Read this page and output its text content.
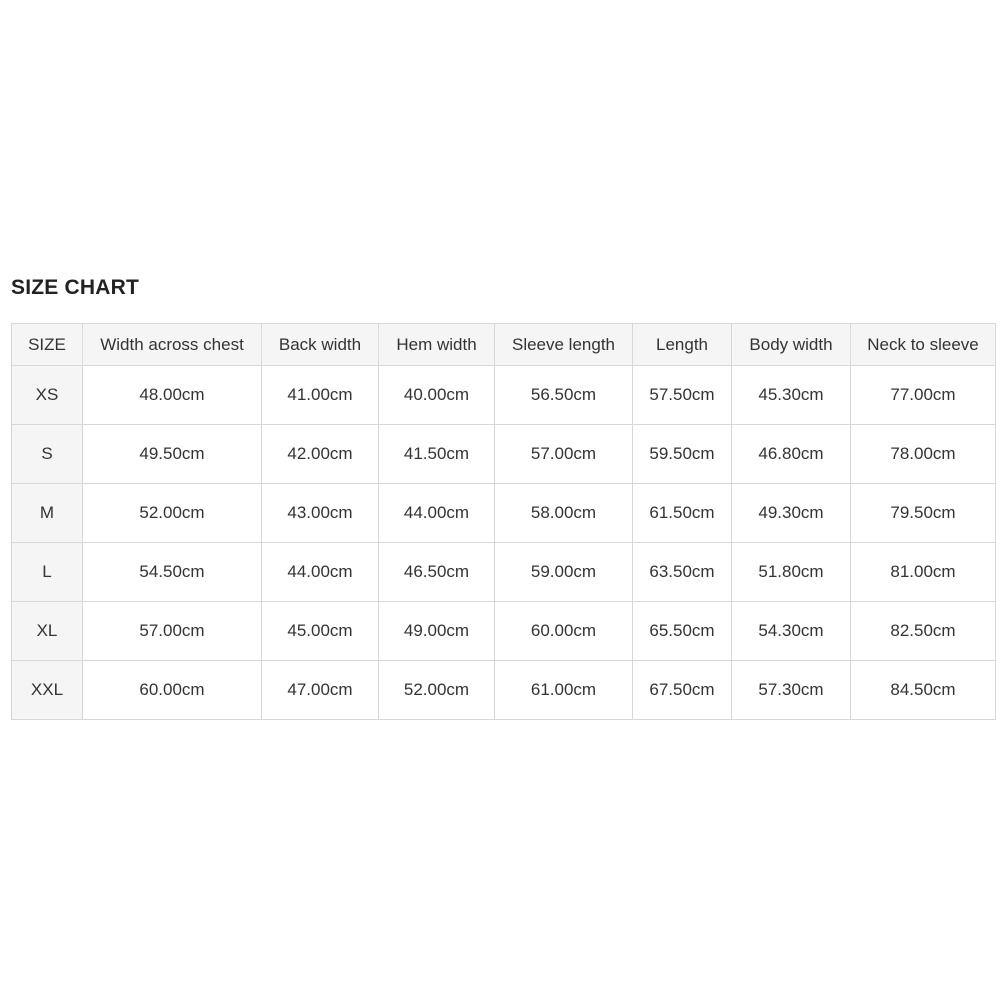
SIZE CHART
SIZE	Width across chest	Back width	Hem width	Sleeve length	Length	Body width	Neck to sleeve
XS	48.00cm	41.00cm	40.00cm	56.50cm	57.50cm	45.30cm	77.00cm
S	49.50cm	42.00cm	41.50cm	57.00cm	59.50cm	46.80cm	78.00cm
M	52.00cm	43.00cm	44.00cm	58.00cm	61.50cm	49.30cm	79.50cm
L	54.50cm	44.00cm	46.50cm	59.00cm	63.50cm	51.80cm	81.00cm
XL	57.00cm	45.00cm	49.00cm	60.00cm	65.50cm	54.30cm	82.50cm
XXL	60.00cm	47.00cm	52.00cm	61.00cm	67.50cm	57.30cm	84.50cm
